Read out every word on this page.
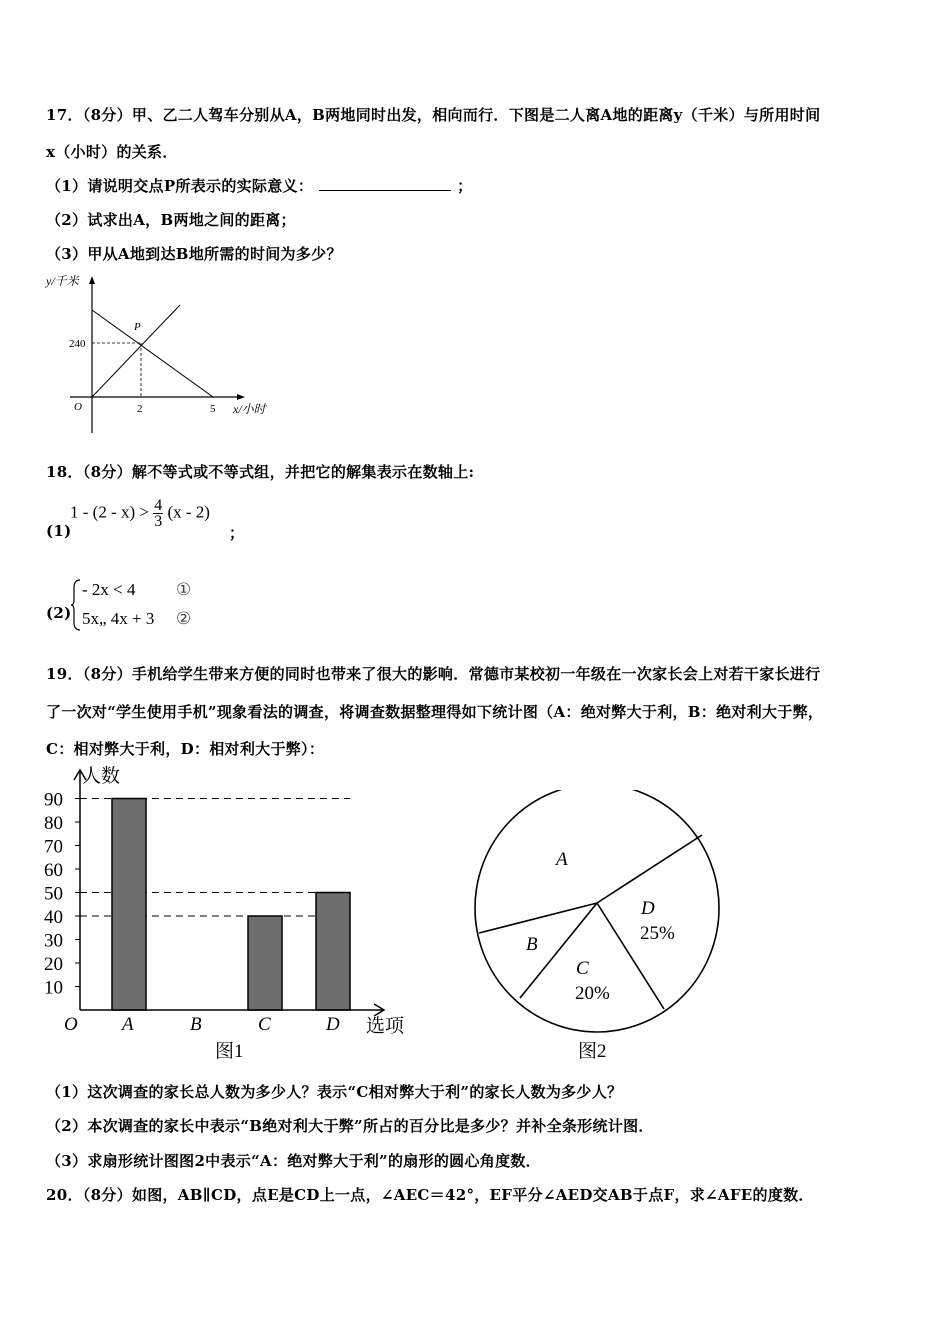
17．（8分）甲、乙二人驾车分别从A，B两地同时出发，相向而行．下图是二人离A地的距离y（千米）与所用时间
x（小时）的关系．
（1）请说明交点P所表示的实际意义：	；
（2）试求出A，B两地之间的距离；
（3）甲从A地到达B地所需的时间为多少？
y/千米
240
P
O	2	5 x/小时
18．（8分）解不等式或不等式组，并把它的解集表示在数轴上:
(1)
$1 - (2 - x) > \frac{4}{3} (x - 2)$
；
(2)
- 2x < 4 ①
5x„ 4x + 3 ②
19．（8分）手机给学生带来方便的同时也带来了很大的影响．常德市某校初一年级在一次家长会上对若干家长进行
了一次对“学生使用手机”现象看法的调查，将调查数据整理得如下统计图（A：绝对弊大于利，B：绝对利大于弊，
C：相对弊大于利，D：相对利大于弊）：
10
20
30
40
50
60
70
80
90
A	B	C	D
人数
选项
O
图1
A
B
C
20%
D
25%
图2
（1）这次调查的家长总人数为多少人？表示“C相对弊大于利”的家长人数为多少人？
（2）本次调查的家长中表示“B绝对利大于弊”所占的百分比是多少？并补全条形统计图．
（3）求扇形统计图图2中表示“A：绝对弊大于利”的扇形的圆心角度数．
20．（8分）如图，AB∥CD，点E是CD上一点，∠AEC＝42°，EF平分∠AED交AB于点F，求∠AFE的度数．
